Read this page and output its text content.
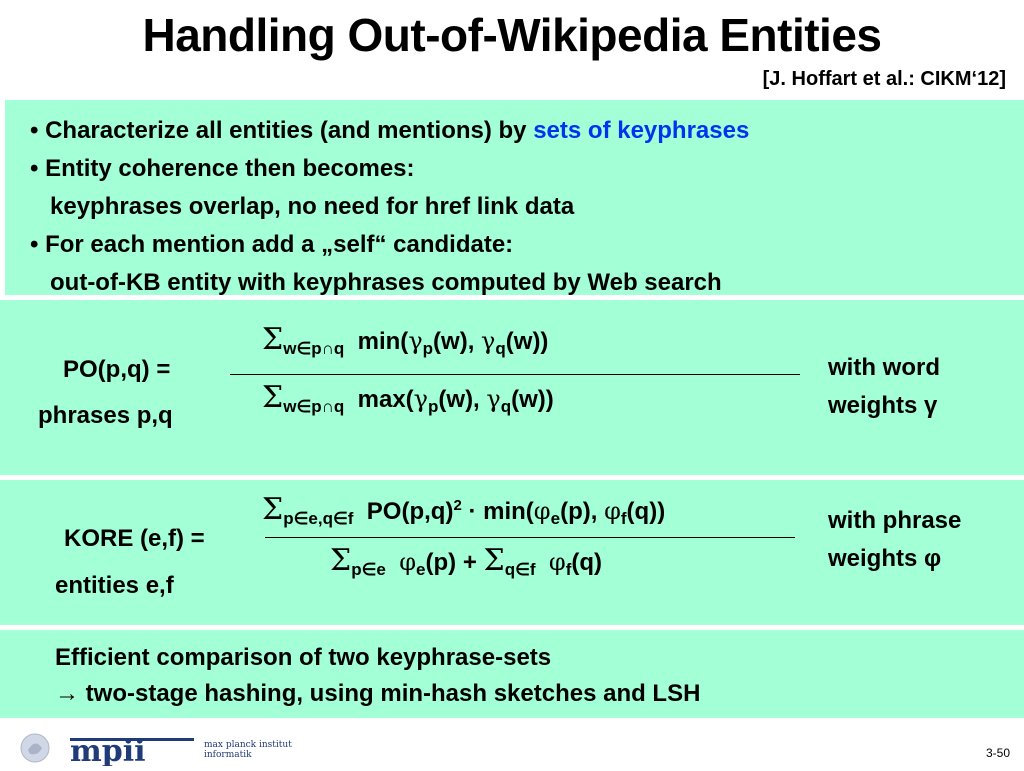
Handling Out-of-Wikipedia Entities
[J. Hoffart et al.: CIKM‘12]
• Characterize all entities (and mentions) by sets of keyphrases
• Entity coherence then becomes:
keyphrases overlap, no need for href link data
• For each mention add a „self“ candidate:
out-of-KB entity with keyphrases computed by Web search
PO(p,q) =
phrases p,q
$\Sigma_{w\in p\cap q}$ $\min(\gamma_p(w)$, $\gamma_q(w)$)
$\Sigma_{w\in p\cap q}$ $\max(\gamma_p(w)$, $\gamma_q(w)$)
with word
weights γ
KORE (e,f) =
entities e,f
$\Sigma_{p\in e,q\in f}$ $PO(p,q)^2 \cdot \min(\varphi_e(p)$, $\varphi_f(q)$)
$\Sigma_{p\in e}$ $\varphi_e(p) + \Sigma_{q\in f}$ $\varphi_f(q)$
with phrase
weights φ
Efficient comparison of two keyphrase-sets
→ two-stage hashing, using min-hash sketches and LSH
mpii	max planck institut
informatik	3-50
